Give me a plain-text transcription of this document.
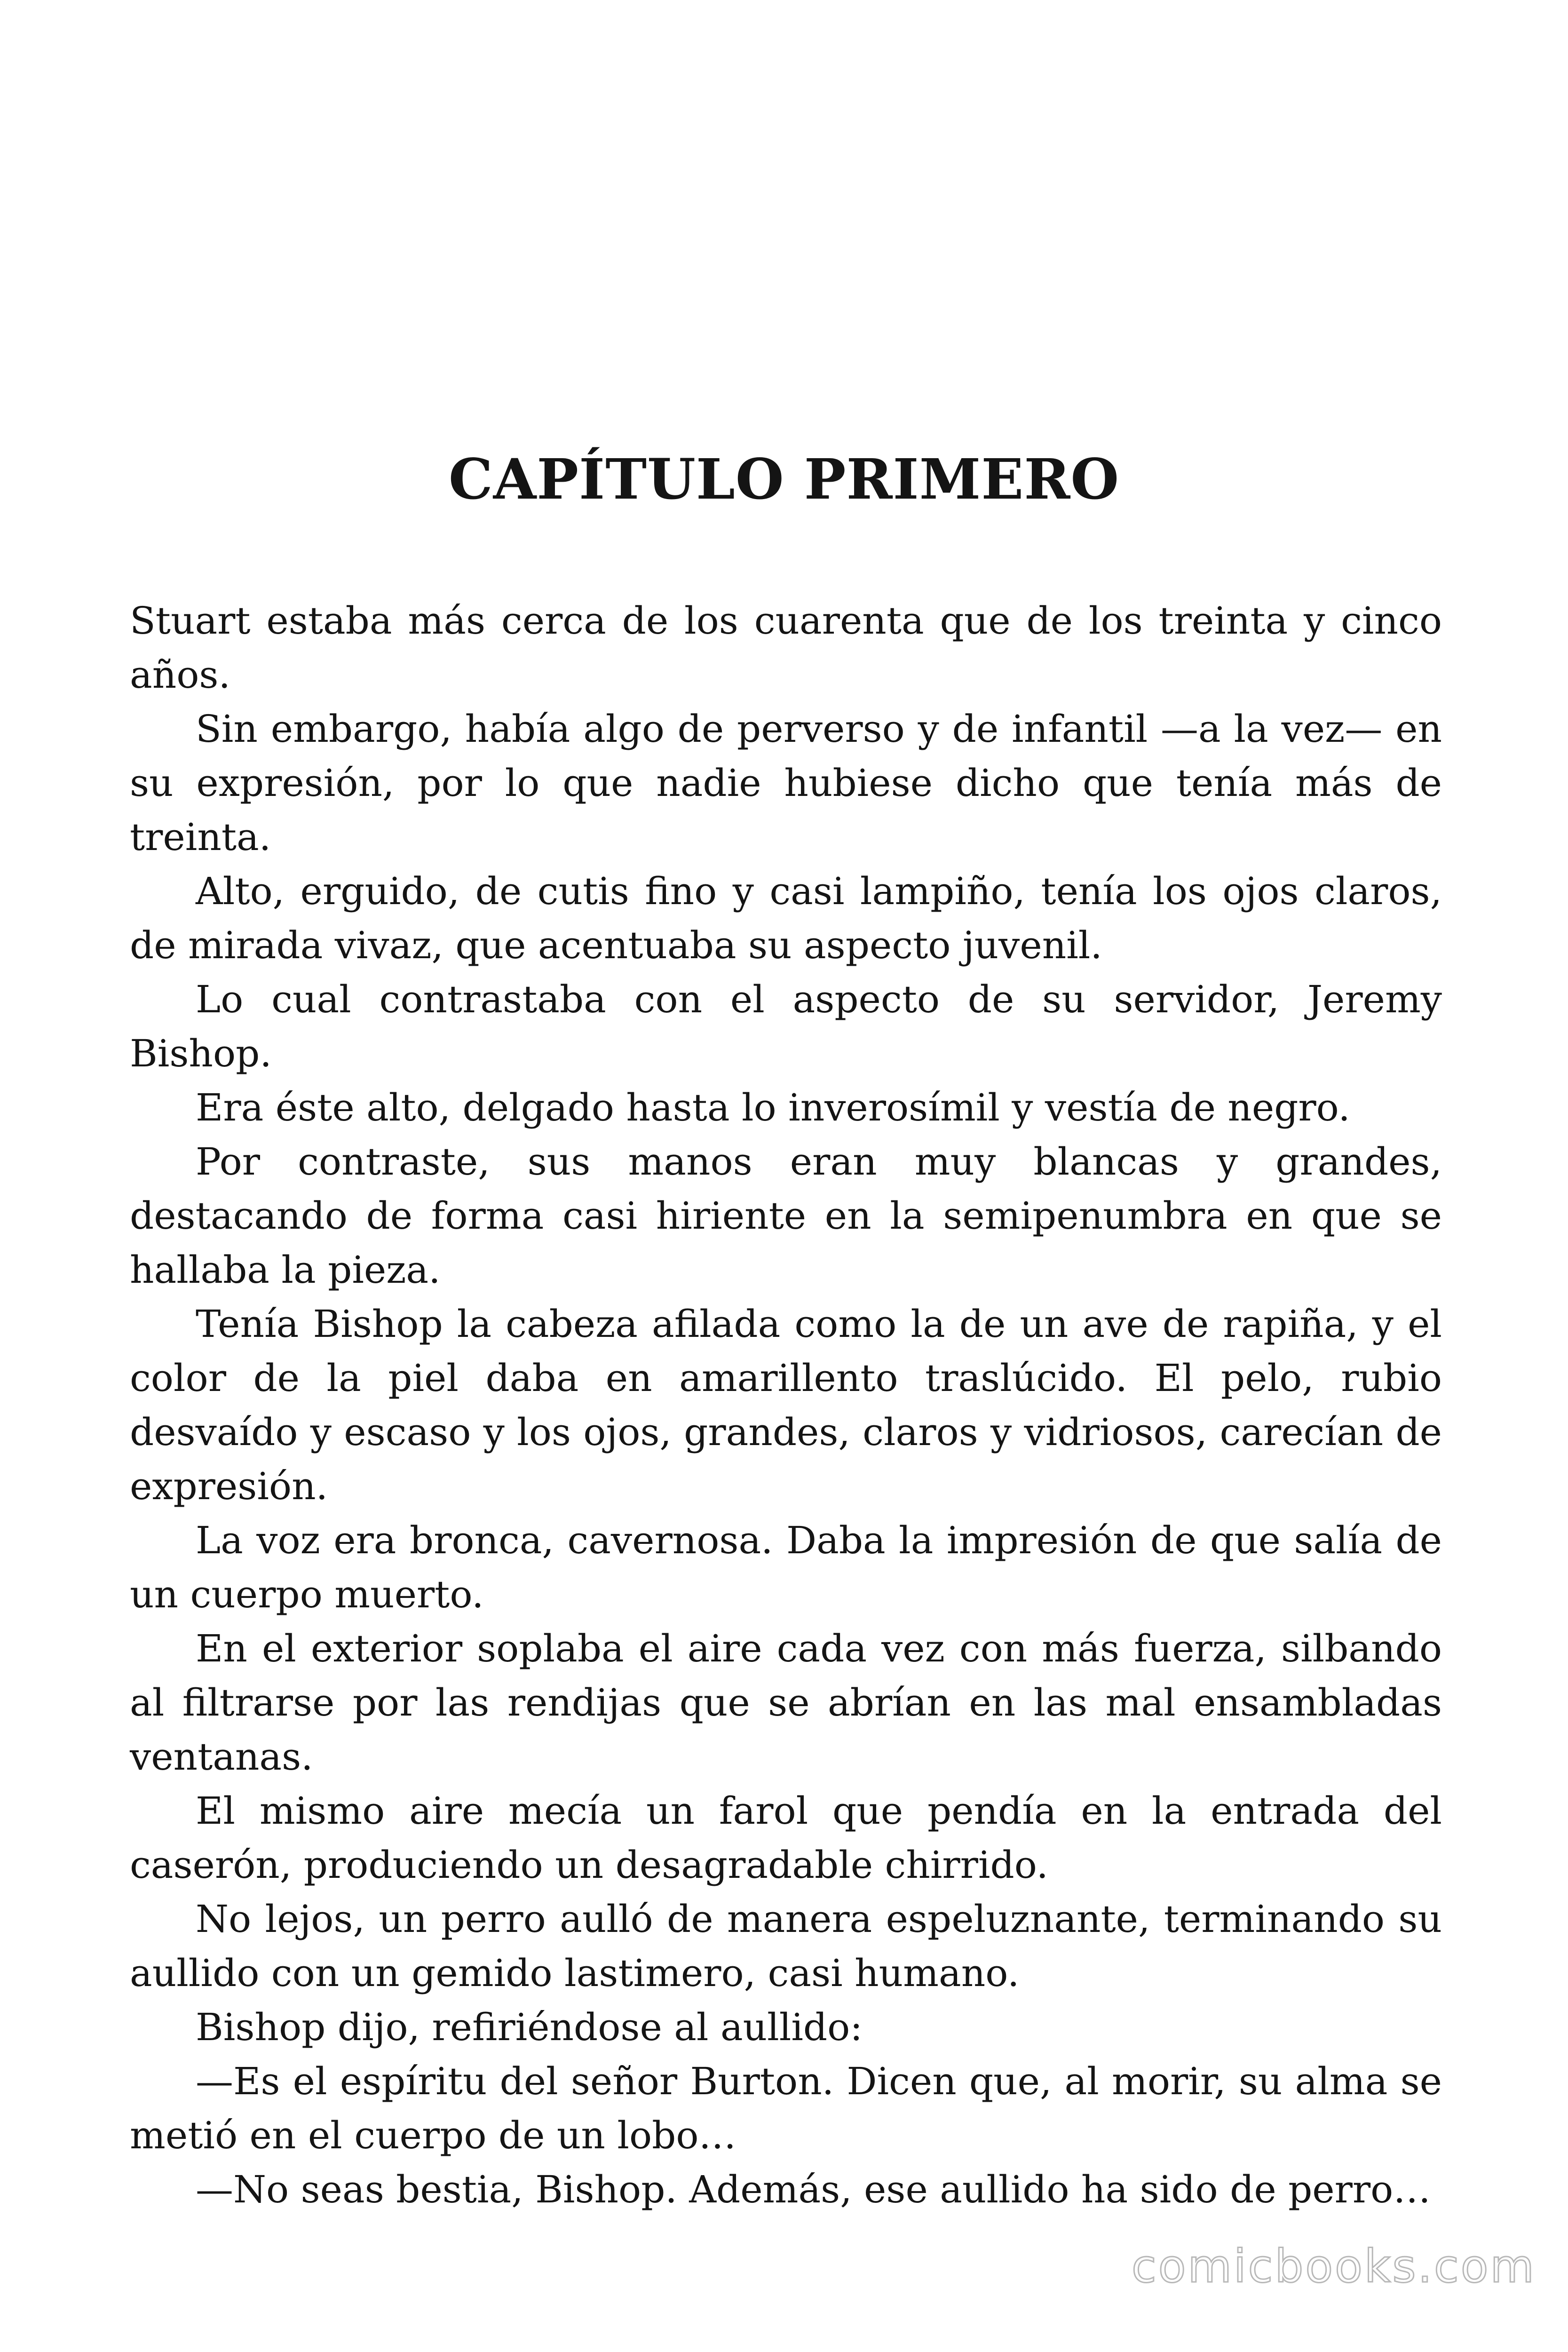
CAPÍTULO PRIMERO

Stuart estaba más cerca de los cuarenta que de los treinta y cinco años.

Sin embargo, había algo de perverso y de infantil —a la vez— en su expresión, por lo que nadie hubiese dicho que tenía más de treinta.

Alto, erguido, de cutis fino y casi lampiño, tenía los ojos claros, de mirada vivaz, que acentuaba su aspecto juvenil.

Lo cual contrastaba con el aspecto de su servidor, Jeremy Bishop.

Era éste alto, delgado hasta lo inverosímil y vestía de negro.

Por contraste, sus manos eran muy blancas y grandes, destacando de forma casi hiriente en la semipenumbra en que se hallaba la pieza.

Tenía Bishop la cabeza afilada como la de un ave de rapiña, y el color de la piel daba en amarillento traslúcido. El pelo, rubio desvaído y escaso y los ojos, grandes, claros y vidriosos, carecían de expresión.

La voz era bronca, cavernosa. Daba la impresión de que salía de un cuerpo muerto.

En el exterior soplaba el aire cada vez con más fuerza, silbando al filtrarse por las rendijas que se abrían en las mal ensambladas ventanas.

El mismo aire mecía un farol que pendía en la entrada del caserón, produciendo un desagradable chirrido.

No lejos, un perro aulló de manera espeluznante, terminando su aullido con un gemido lastimero, casi humano.

Bishop dijo, refiriéndose al aullido:

—Es el espíritu del señor Burton. Dicen que, al morir, su alma se metió en el cuerpo de un lobo…

—No seas bestia, Bishop. Además, ese aullido ha sido de perro…

comicbooks.com
